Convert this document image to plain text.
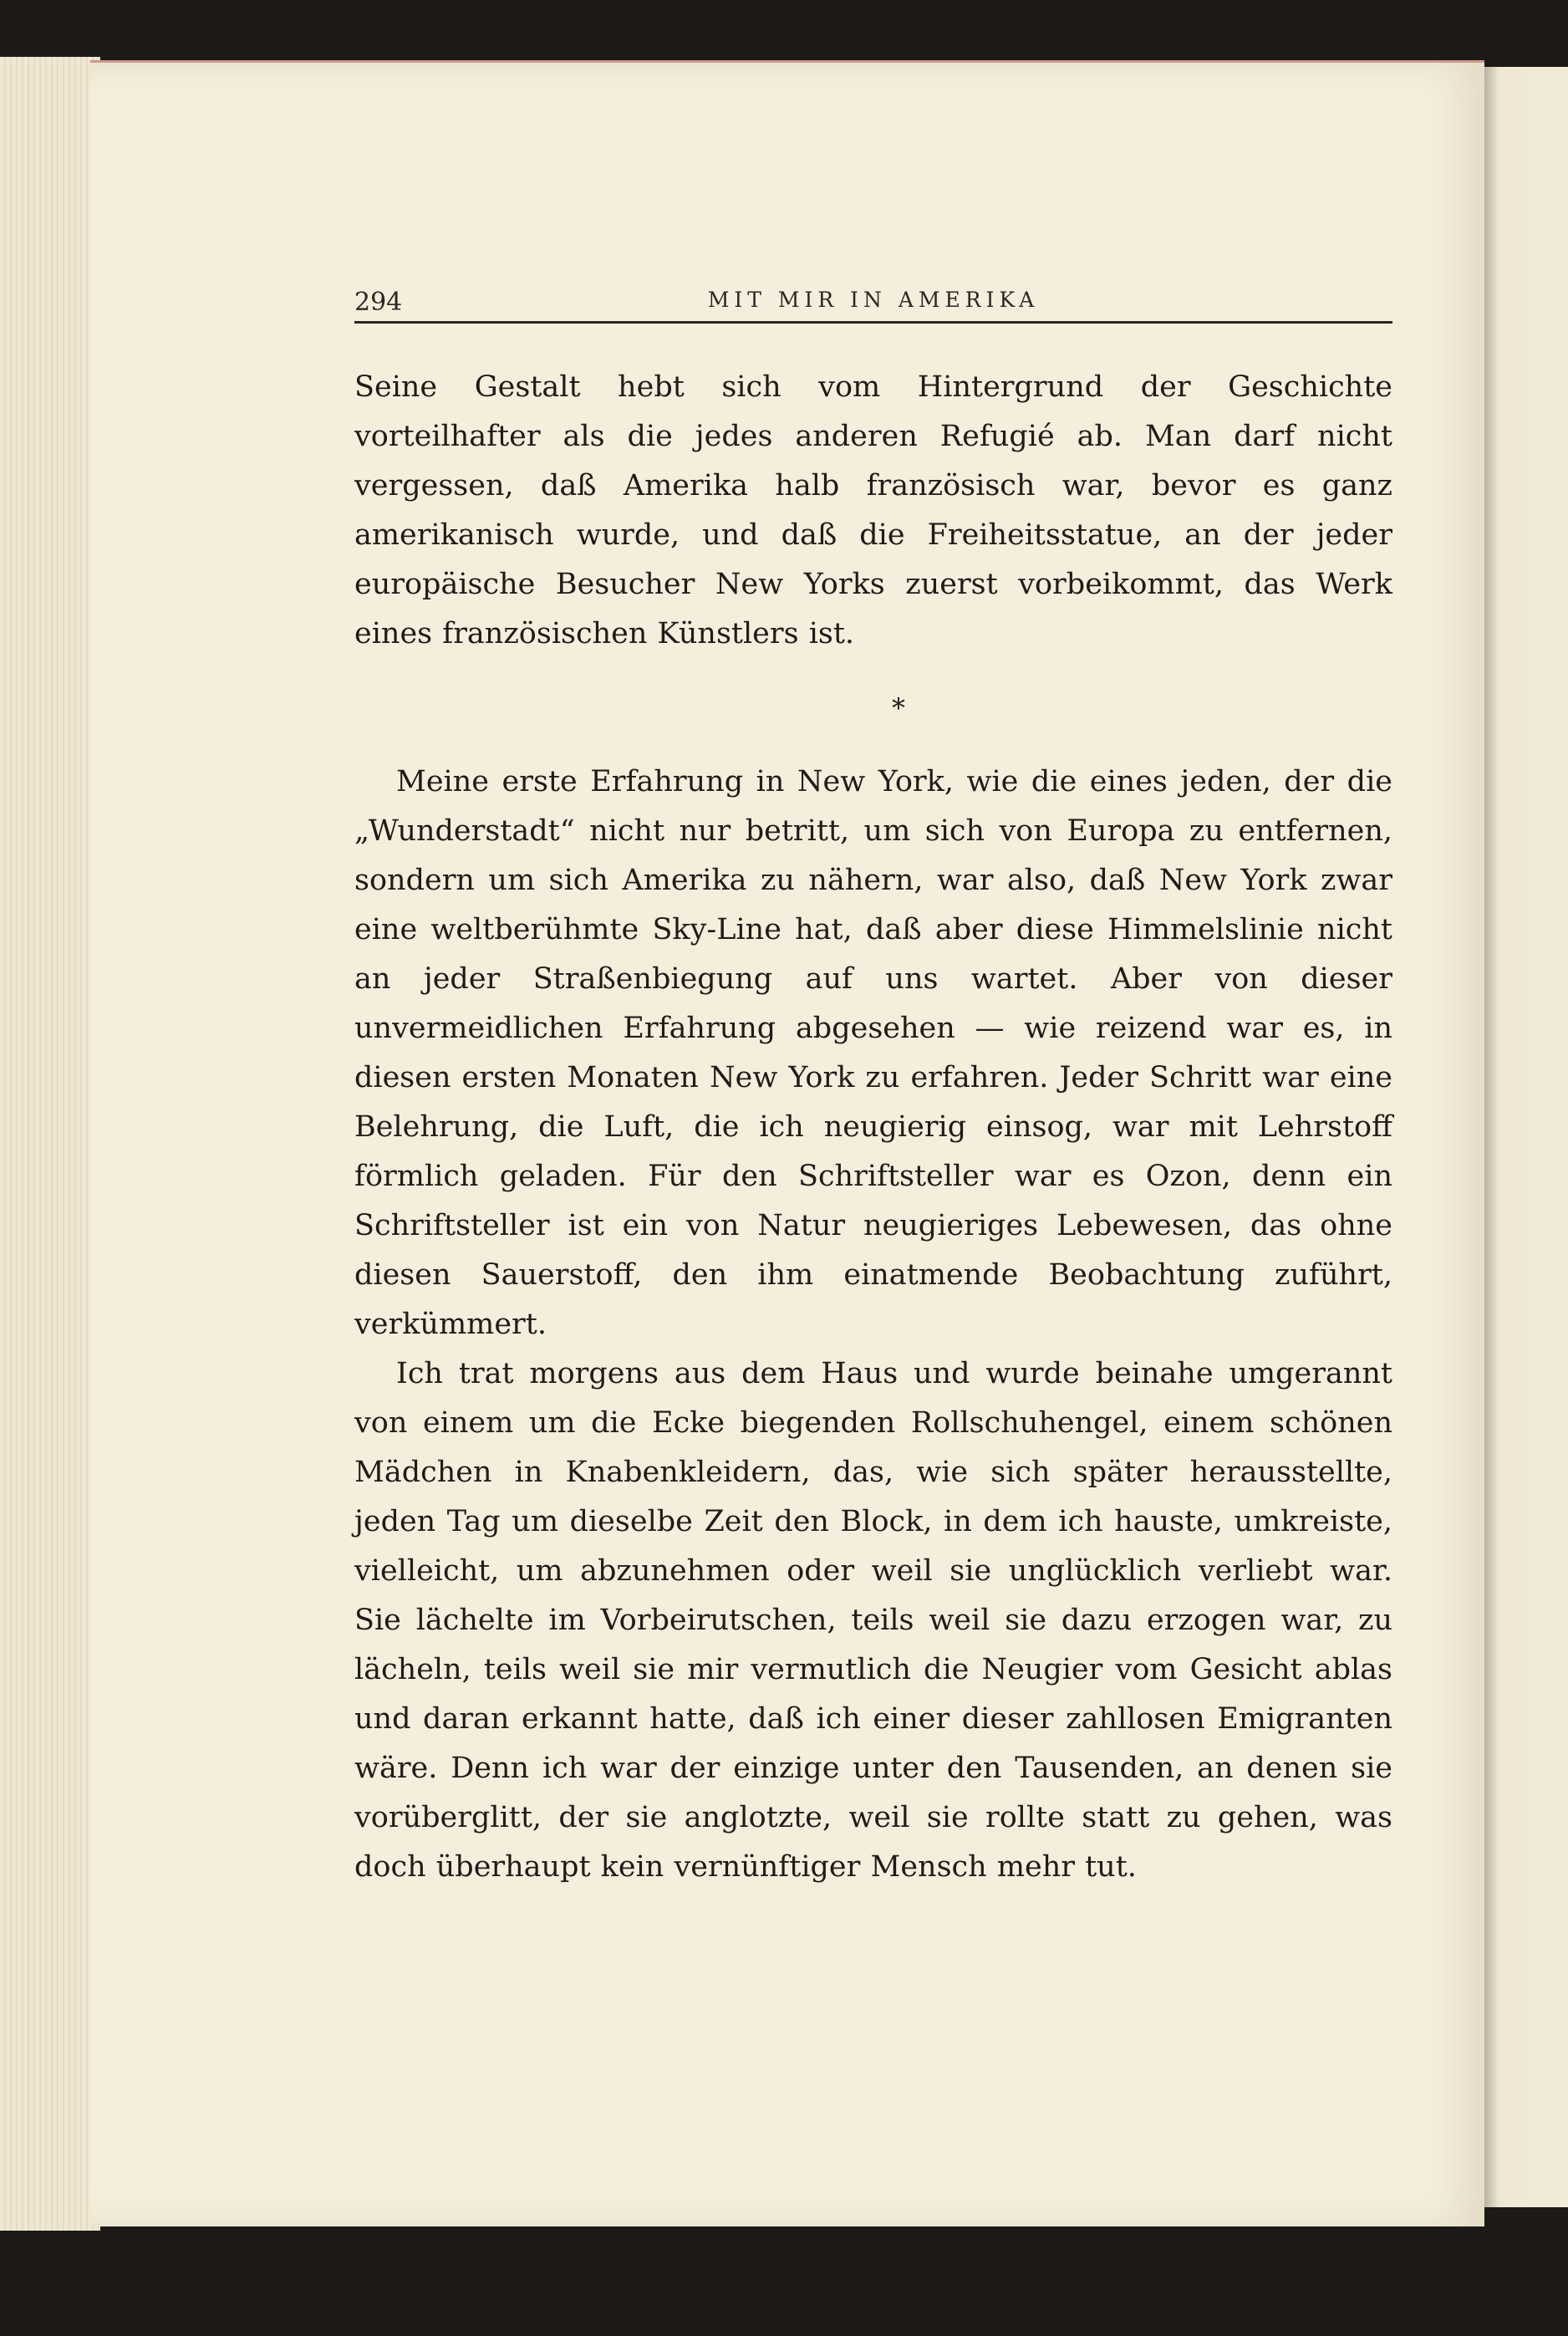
294	MIT MIR IN AMERIKA

Seine Gestalt hebt sich vom Hintergrund der Geschichte vorteilhafter als die jedes anderen Refugié ab. Man darf nicht vergessen, daß Amerika halb französisch war, bevor es ganz amerikanisch wurde, und daß die Freiheitsstatue, an der jeder europäische Besucher New Yorks zuerst vorbeikommt, das Werk eines französischen Künstlers ist.

*

Meine erste Erfahrung in New York, wie die eines jeden, der die „Wunderstadt“ nicht nur betritt, um sich von Europa zu entfernen, sondern um sich Amerika zu nähern, war also, daß New York zwar eine weltberühmte Sky-Line hat, daß aber diese Himmelslinie nicht an jeder Straßenbiegung auf uns wartet. Aber von dieser unvermeidlichen Erfahrung abgesehen — wie reizend war es, in diesen ersten Monaten New York zu erfahren. Jeder Schritt war eine Belehrung, die Luft, die ich neugierig einsog, war mit Lehrstoff förmlich geladen. Für den Schriftsteller war es Ozon, denn ein Schriftsteller ist ein von Natur neugieriges Lebewesen, das ohne diesen Sauerstoff, den ihm einatmende Beobachtung zuführt, verkümmert.

Ich trat morgens aus dem Haus und wurde beinahe umgerannt von einem um die Ecke biegenden Rollschuhengel, einem schönen Mädchen in Knabenkleidern, das, wie sich später herausstellte, jeden Tag um dieselbe Zeit den Block, in dem ich hauste, umkreiste, vielleicht, um abzunehmen oder weil sie unglücklich verliebt war. Sie lächelte im Vorbeirutschen, teils weil sie dazu erzogen war, zu lächeln, teils weil sie mir vermutlich die Neugier vom Gesicht ablas und daran erkannt hatte, daß ich einer dieser zahllosen Emigranten wäre. Denn ich war der einzige unter den Tausenden, an denen sie vorüberglitt, der sie anglotzte, weil sie rollte statt zu gehen, was doch überhaupt kein vernünftiger Mensch mehr tut.
